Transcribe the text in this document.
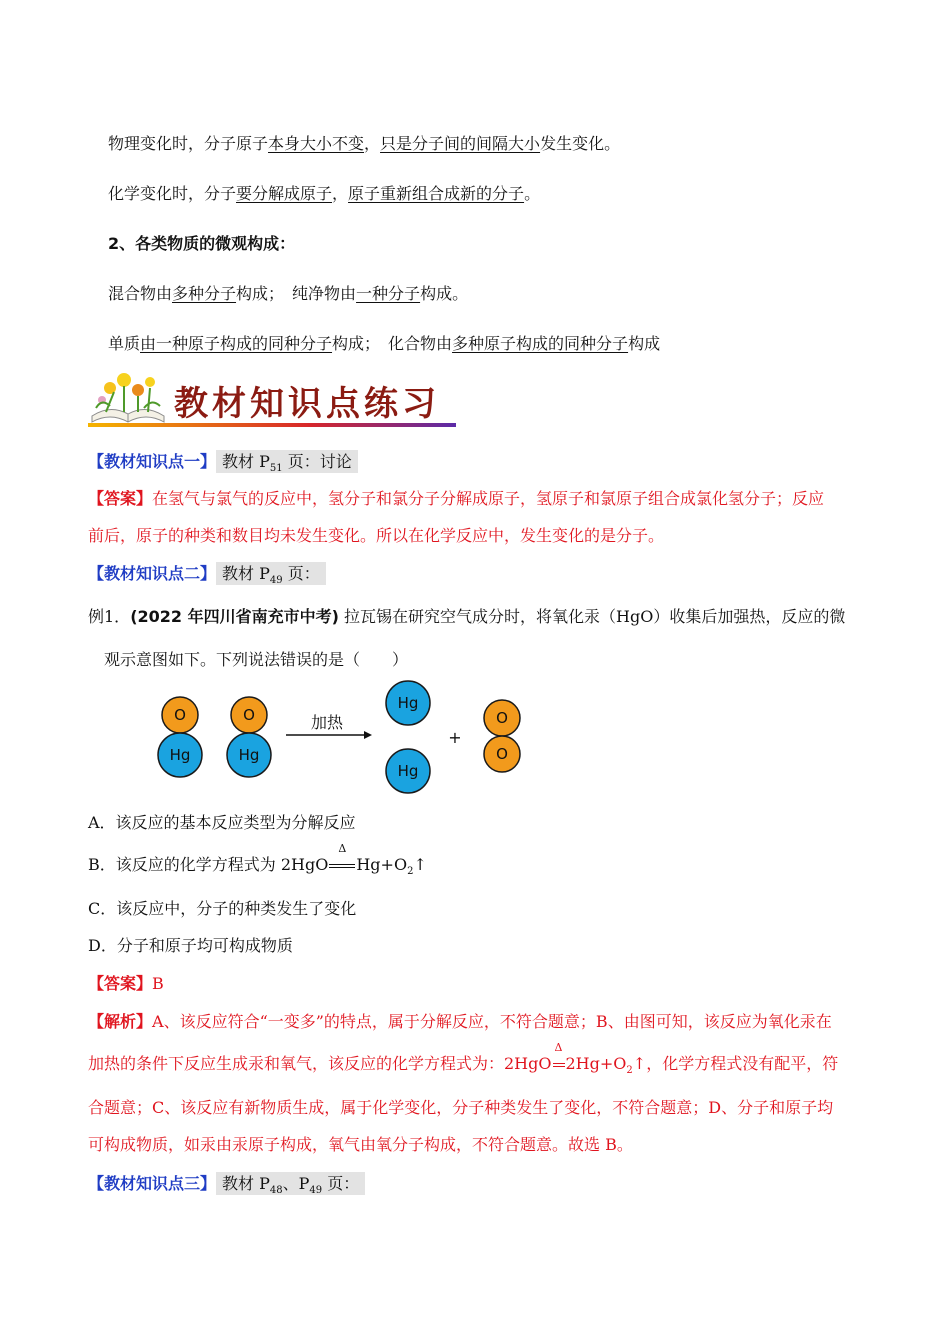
物理变化时，分子原子本身大小不变，只是分子间的间隔大小发生变化。
化学变化时，分子要分解成原子，原子重新组合成新的分子。
2、各类物质的微观构成：
混合物由多种分子构成；　纯净物由一种分子构成。
单质由一种原子构成的同种分子构成；　化合物由多种原子构成的同种分子构成
教材知识点练习
【教材知识点一】 教材 $P_{51}$ 页：讨论
【答案】在氢气与氯气的反应中，氢分子和氯分子分解成原子，氢原子和氯原子组合成氯化氢分子；反应
前后，原子的种类和数目均未发生变化。所以在化学反应中，发生变化的是分子。
【教材知识点二】 教材 $P_{49}$ 页：
例1．(2022 年四川省南充市中考) 拉瓦锡在研究空气成分时，将氧化汞（HgO）收集后加强热，反应的微
观示意图如下。下列说法错误的是（　　）
O
Hg
O
Hg
加热
Hg
Hg
+
O
O
A．该反应的基本反应类型为分解反应
B．该反应的化学方程式为 2HgO
Δ
$Hg+O_2↑$
C．该反应中，分子的种类发生了变化
D．分子和原子均可构成物质
【答案】B
【解析】A、该反应符合“一变多”的特点，属于分解反应，不符合题意；B、由图可知，该反应为氧化汞在
加热的条件下反应生成汞和氧气，该反应的化学方程式为：2HgO
Δ
$2Hg+O_2↑$，化学方程式没有配平，符
合题意；C、该反应有新物质生成，属于化学变化，分子种类发生了变化，不符合题意；D、分子和原子均
可构成物质，如汞由汞原子构成，氧气由氧分子构成，不符合题意。故选 B。
【教材知识点三】 教材 $P_{48}$、$P_{49}$ 页：
